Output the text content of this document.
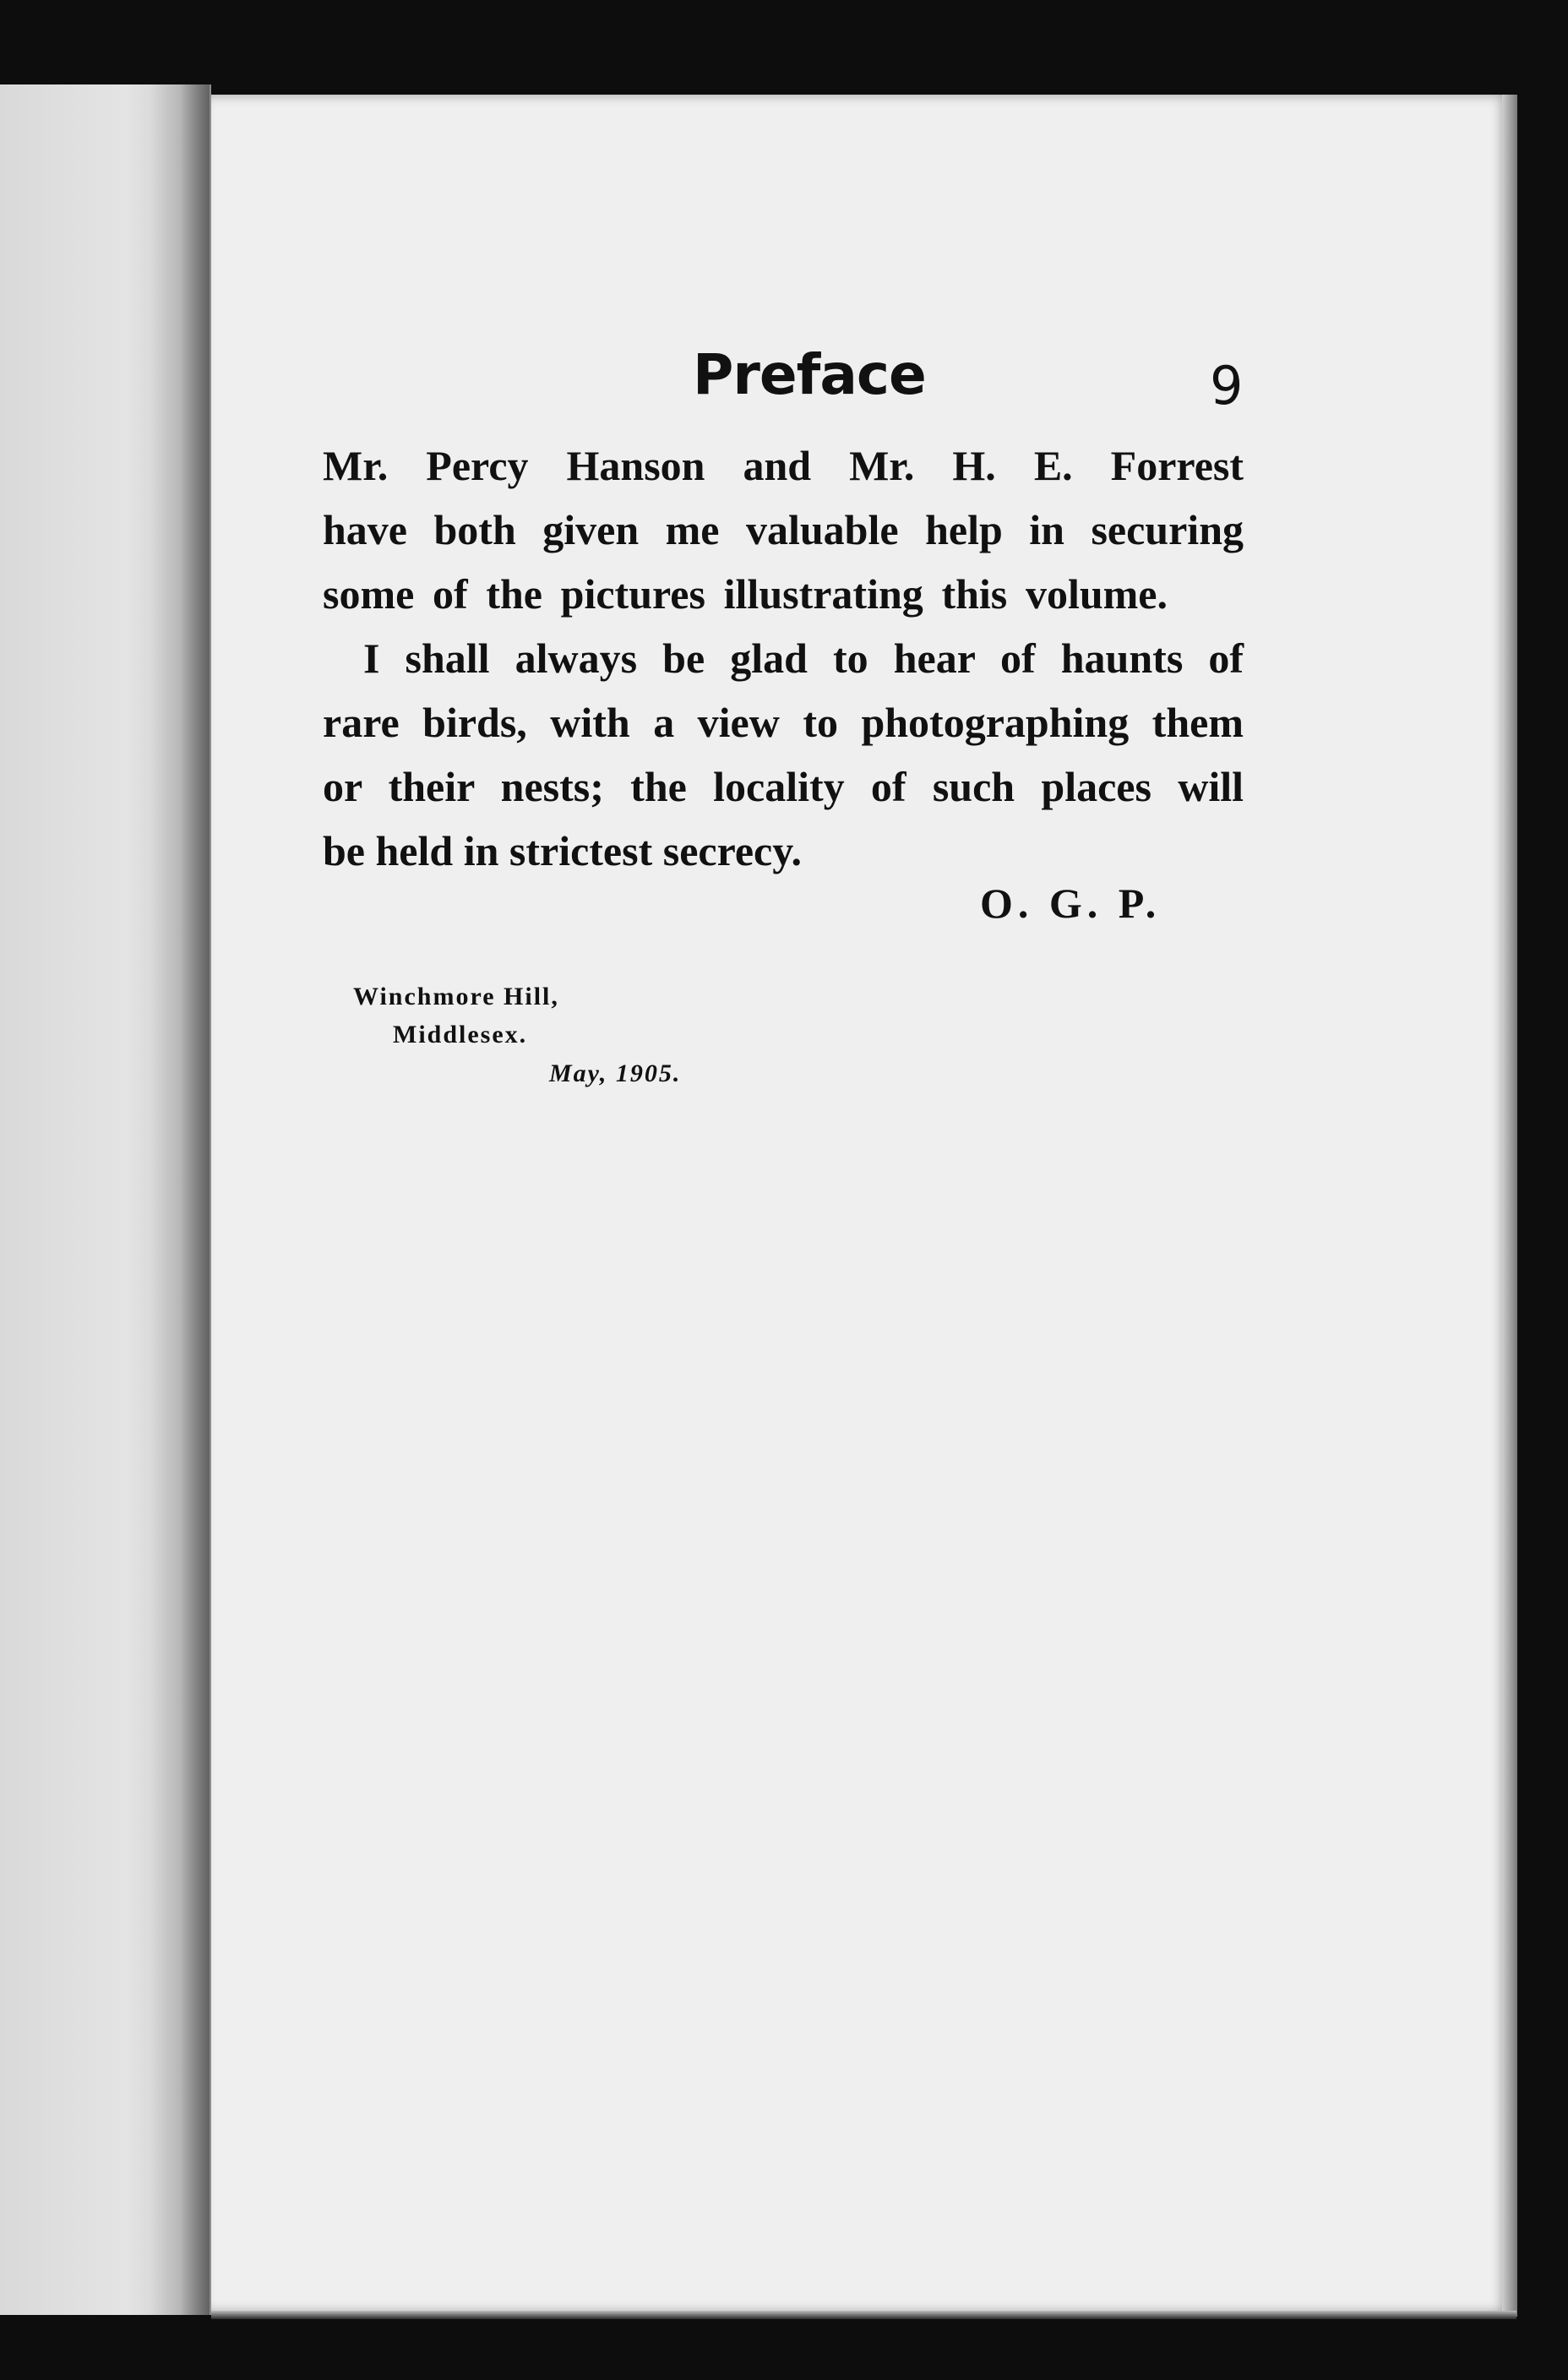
Preface	9
Mr. Percy Hanson and Mr. H. E. Forrest
have both given me valuable help in securing
some of the pictures illustrating this volume.
I shall always be glad to hear of haunts of
rare birds, with a view to photographing them
or their nests; the locality of such places will
be held in strictest secrecy.
O. G. P.
Winchmore Hill,
Middlesex.
May, 1905.
